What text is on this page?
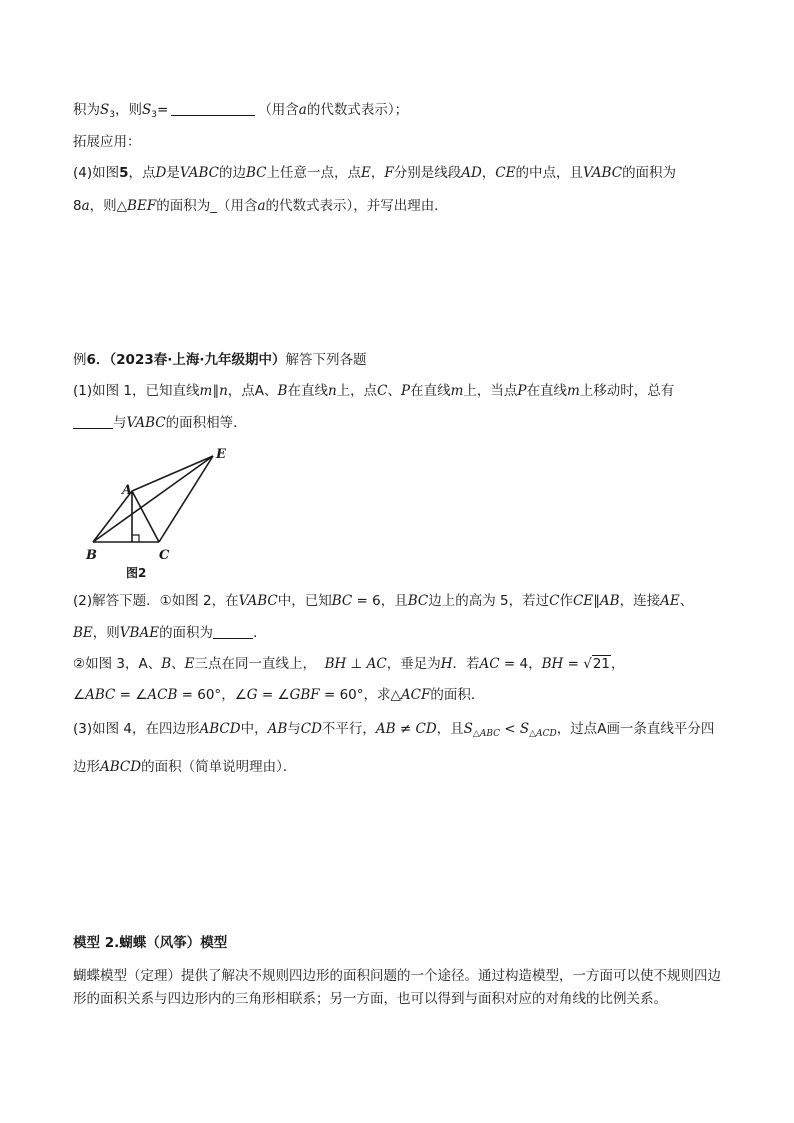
积为$S_3$，则$S_3=$	（用含a的代数式表示）；
拓展应用：
(4)如图5，点D是VABC的边BC上任意一点，点E，F分别是线段AD，CE的中点，且VABC的面积为
8a，则△BEF的面积为_（用含a的代数式表示），并写出理由．
例6．（2023春·上海·九年级期中）解答下列各题
(1)如图 1，已知直线m∥n，点A、B在直线n上，点C、P在直线m上，当点P在直线m上移动时，总有
与VABC的面积相等．
A
B	C
E
图2
(2)解答下题．①如图 2，在VABC中，已知BC = 6，且BC边上的高为 5，若过C作CE∥AB，连接AE、
BE，则VBAE的面积为	．
②如图 3，A、B、E三点在同一直线上， BH ⊥ AC，垂足为H．若AC = 4，BH = √21，
∠ABC = ∠ACB = 60°，∠G = ∠GBF = 60°，求△ACF的面积．
(3)如图 4，在四边形ABCD中，AB与CD不平行，AB ≠ CD，且$S_{\triangle ABC} < S_{\triangle ACD}$，过点A画一条直线平分四
边形ABCD的面积（简单说明理由）．
模型 2.蝴蝶（风筝）模型
蝴蝶模型（定理）提供了解决不规则四边形的面积问题的一个途径。通过构造模型，一方面可以使不规则四边形的面积关系与四边形内的三角形相联系；另一方面，也可以得到与面积对应的对角线的比例关系。
